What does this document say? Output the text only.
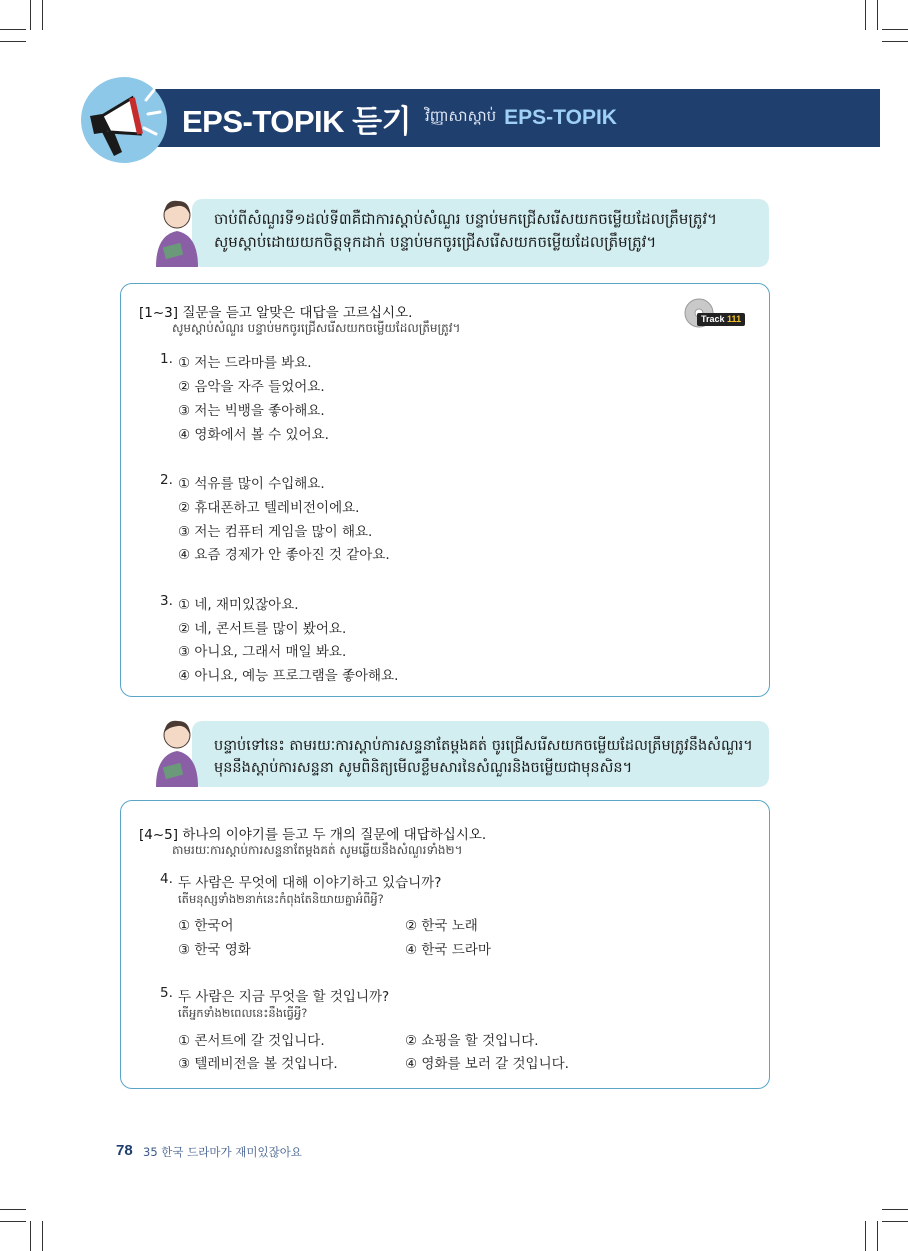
EPS-TOPIK 듣기 វិញ្ញាសាស្តាប់ EPS-TOPIK
ចាប់ពីសំណួរទី១ដល់ទី៣គឺជាការស្តាប់សំណួរ បន្ទាប់មកជ្រើសរើសយកចម្លើយដែលត្រឹមត្រូវ។
សូមស្តាប់ដោយយកចិត្តទុកដាក់ បន្ទាប់មកចូរជ្រើសរើសយកចម្លើយដែលត្រឹមត្រូវ។
[1~3] 질문을 듣고 알맞은 대답을 고르십시오.
សូមស្តាប់សំណួរ បន្ទាប់មកចូរជ្រើសរើសយកចម្លើយដែលត្រឹមត្រូវ។
Track 111
1. ① 저는 드라마를 봐요.
② 음악을 자주 들었어요.
③ 저는 빅뱅을 좋아해요.
④ 영화에서 볼 수 있어요.
2. ① 석유를 많이 수입해요.
② 휴대폰하고 텔레비전이에요.
③ 저는 컴퓨터 게임을 많이 해요.
④ 요즘 경제가 안 좋아진 것 같아요.
3. ① 네, 재미있잖아요.
② 네, 콘서트를 많이 봤어요.
③ 아니요, 그래서 매일 봐요.
④ 아니요, 예능 프로그램을 좋아해요.
បន្ទាប់ទៅនេះ តាមរយៈការស្តាប់ការសន្ទនាតែម្តងគត់ ចូរជ្រើសរើសយកចម្លើយដែលត្រឹមត្រូវនឹងសំណួរ។
មុននឹងស្តាប់ការសន្ទនា សូមពិនិត្យមើលខ្លឹមសារនៃសំណួរនិងចម្លើយជាមុនសិន។
[4~5] 하나의 이야기를 듣고 두 개의 질문에 대답하십시오.
តាមរយៈការស្តាប់ការសន្ទនាតែម្តងគត់ សូមឆ្លើយនឹងសំណួរទាំង២។
4. 두 사람은 무엇에 대해 이야기하고 있습니까?
តើមនុស្សទាំង២នាក់នេះកំពុងតែនិយាយគ្នាអំពីអ្វី?
① 한국어	② 한국 노래
③ 한국 영화	④ 한국 드라마
5. 두 사람은 지금 무엇을 할 것입니까?
តើអ្នកទាំង២ពេលនេះនឹងធ្វើអ្វី?
① 콘서트에 갈 것입니다.	② 쇼핑을 할 것입니다.
③ 텔레비전을 볼 것입니다.	④ 영화를 보러 갈 것입니다.
78 35 한국 드라마가 재미있잖아요
